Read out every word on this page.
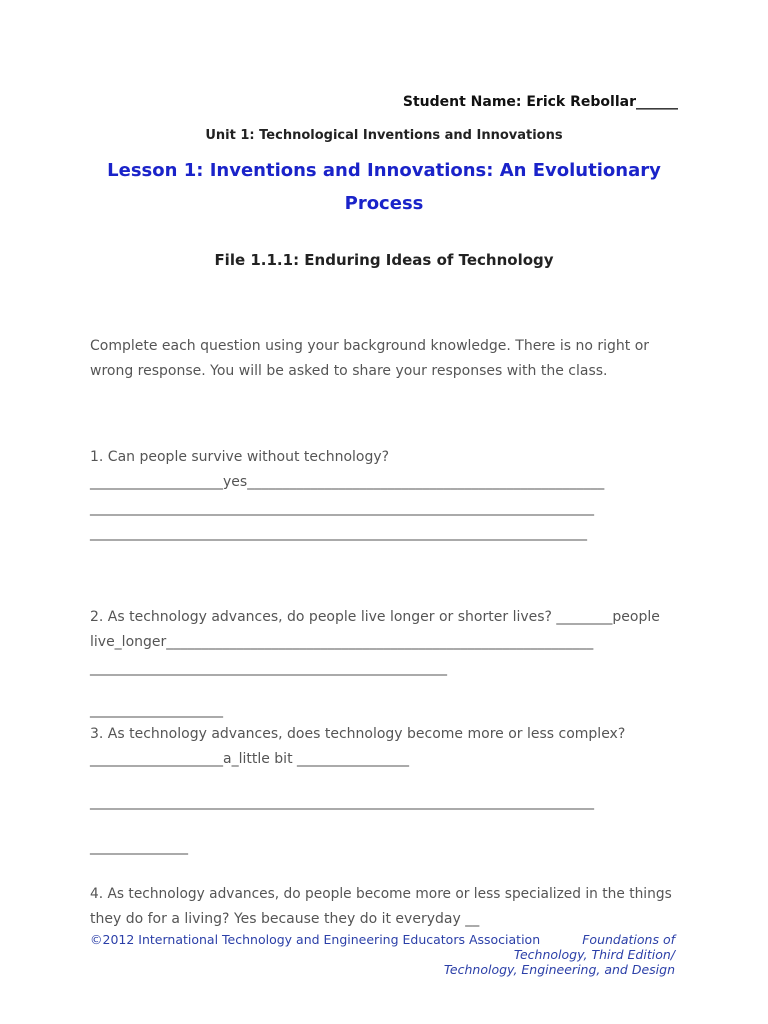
Student Name: Erick Rebollar______
Unit 1: Technological Inventions and Innovations
Lesson 1: Inventions and Innovations: An Evolutionary
Process
File 1.1.1: Enduring Ideas of Technology
Complete each question using your background knowledge. There is no right or
wrong response. You will be asked to share your responses with the class.
1. Can people survive without technology?
___________________yes___________________________________________________
________________________________________________________________________
_______________________________________________________________________
2. As technology advances, do people live longer or shorter lives? ________people
live_longer_____________________________________________________________
___________________________________________________
___________________
3. As technology advances, does technology become more or less complex?
___________________a_little bit ________________
________________________________________________________________________
______________
4. As technology advances, do people become more or less specialized in the things
they do for a living? Yes because they do it everyday __
©2012 International Technology and Engineering Educators Association	Foundations of
Technology, Third Edition/
Technology, Engineering, and Design
